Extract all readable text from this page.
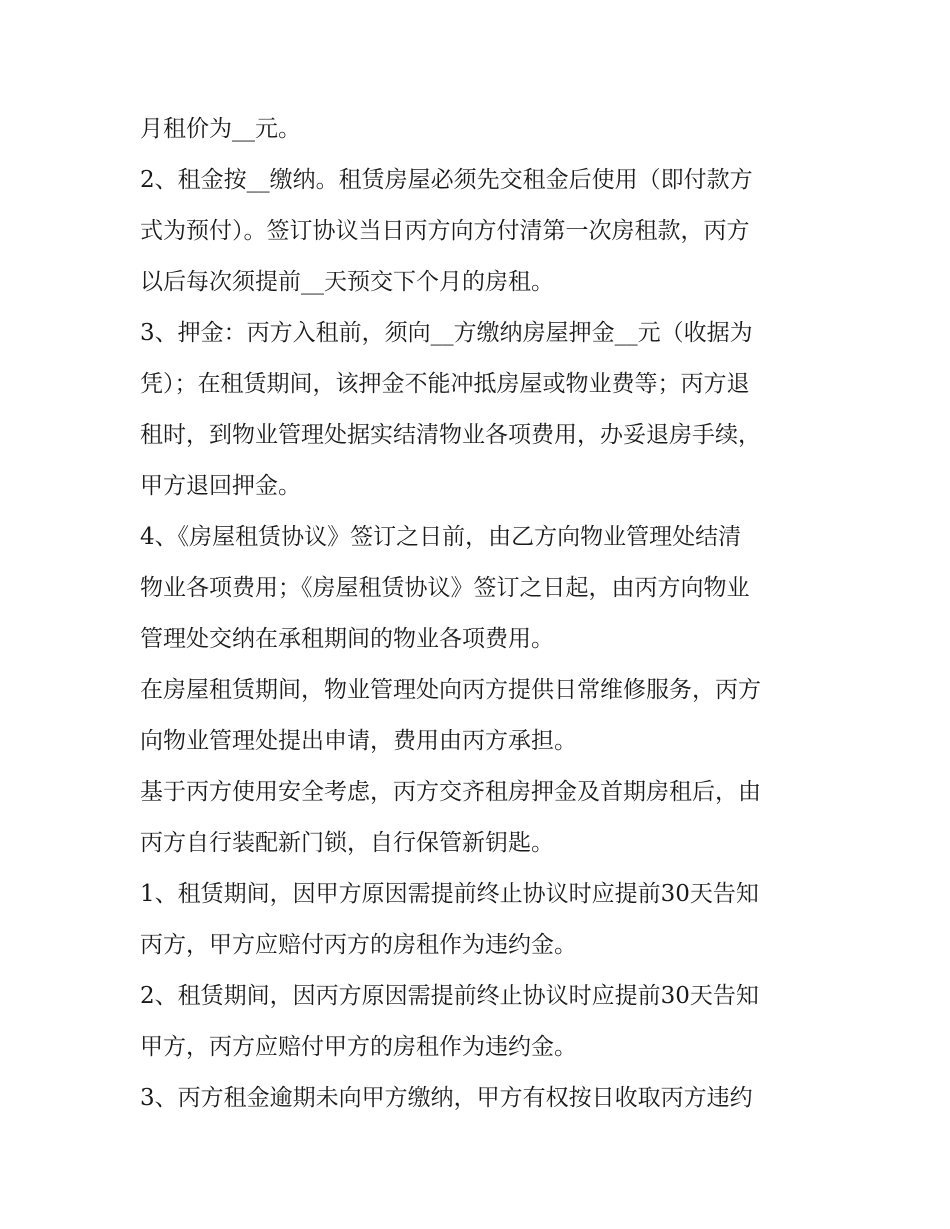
月租价为__元。
2、租金按__缴纳。租赁房屋必须先交租金后使用（即付款方
式为预付）。签订协议当日丙方向方付清第一次房租款，丙方
以后每次须提前__天预交下个月的房租。
3、押金：丙方入租前，须向__方缴纳房屋押金__元（收据为
凭）；在租赁期间，该押金不能冲抵房屋或物业费等；丙方退
租时，到物业管理处据实结清物业各项费用，办妥退房手续，
甲方退回押金。
4、《房屋租赁协议》签订之日前，由乙方向物业管理处结清
物业各项费用；《房屋租赁协议》签订之日起，由丙方向物业
管理处交纳在承租期间的物业各项费用。
在房屋租赁期间，物业管理处向丙方提供日常维修服务，丙方
向物业管理处提出申请，费用由丙方承担。
基于丙方使用安全考虑，丙方交齐租房押金及首期房租后，由
丙方自行装配新门锁，自行保管新钥匙。
1、租赁期间，因甲方原因需提前终止协议时应提前30天告知
丙方，甲方应赔付丙方的房租作为违约金。
2、租赁期间，因丙方原因需提前终止协议时应提前30天告知
甲方，丙方应赔付甲方的房租作为违约金。
3、丙方租金逾期未向甲方缴纳，甲方有权按日收取丙方违约
